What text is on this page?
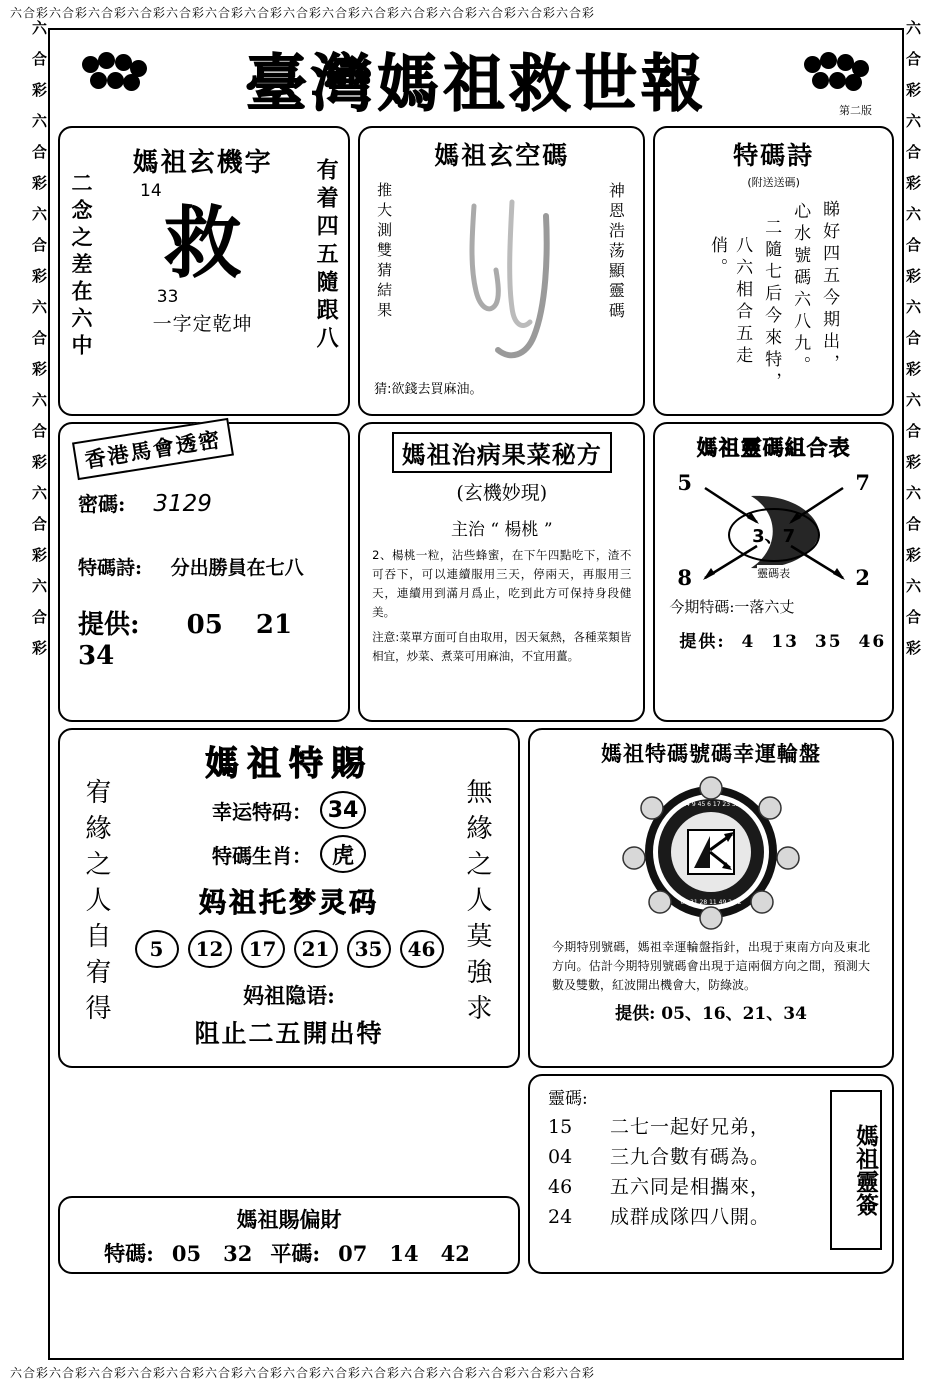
六合彩六合彩六合彩六合彩六合彩六合彩六合彩六合彩六合彩六合彩六合彩六合彩六合彩六合彩六合彩
六合彩六合彩六合彩六合彩六合彩六合彩六合彩六合彩六合彩六合彩六合彩六合彩六合彩六合彩六合彩
六合彩六合彩六合彩六合彩六合彩六合彩六合彩	六合彩六合彩六合彩六合彩六合彩六合彩六合彩
臺灣媽祖救世報	第二版
二念之差在六中
媽祖玄機字
14
救
33
一字定乾坤	有着四五隨跟八
媽祖玄空碼
推大測雙猜結果	神恩浩荡顯靈碼
猜:欲錢去買麻油。
特碼詩
(附送送碼)
八六相合五走俏。	二隨七后今來特， 心水號碼六八九。 睇好四五今期出，
香港馬會透密
密碼: 3129
特碼詩: 分出勝員在七八
提供: 05 21 34
媽祖治病果菜秘方
(玄機妙現)
主治 “ 楊桃 ”
2、楊桃一粒，沾些蜂蜜，在下午四點吃下，渣不可吞下，可以連續服用三天，停兩天，再服用三天，連續用到滿月爲止，吃到此方可保持身段健美。
注意:菜單方面可自由取用，因天氣熱，各種菜類皆相宜，炒菜、煮菜可用麻油，不宜用薑。
媽祖靈碼組合表
5	7
8	2
3、7
靈碼表
今期特碼:一落六丈
提供: 4 13 35 46
媽祖特賜
宥緣之人自宥得	無緣之人莫強求
幸运特码： 34
特碼生肖： 虎
妈祖托梦灵码
5	12	17	21	35	46
妈祖隐语:
阻止二五開出特
媽祖特碼號碼幸運輪盤
14 9 45 6 17 23 32
07 31 28 11 49 24 2
今期特別號碼，媽祖幸運輪盤指針，出現于東南方向及東北方向。估計今期特別號碼會出現于這兩個方向之間，預測大數及雙數，紅波開出機會大，防綠波。
提供: 05、16、21、34
媽祖賜偏財
特碼: 05 32 平碼: 07 14 42
靈碼:
15	二七一起好兄弟，
04	三九合數有碼為。
46	五六同是相攜來，
24	成群成隊四八開。
媽祖靈簽
